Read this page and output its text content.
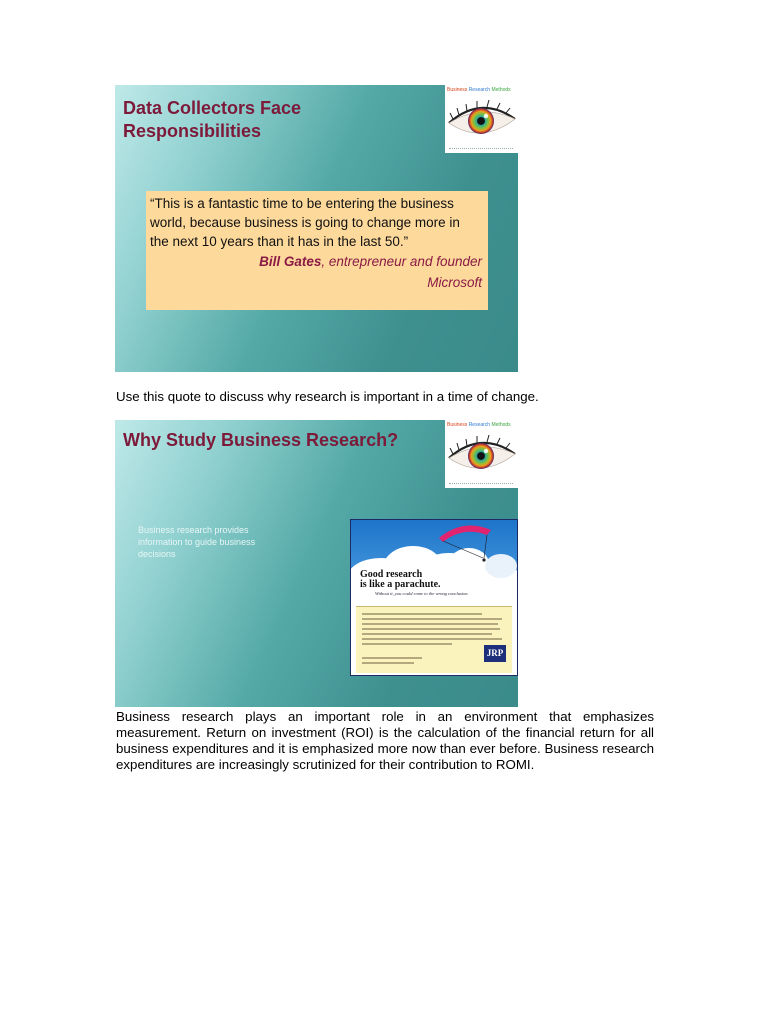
Data Collectors Face
Responsibilities
Business Research Methods

“This is a fantastic time to be entering the business world, because business is going to change more in the next 10 years than it has in the last 50.”

Bill Gates, entrepreneur and founder

Microsoft

Use this quote to discuss why research is important in a time of change.

Why Study Business Research?
Business Research Methods

Business research provides information to guide business decisions

Good research
is like a parachute.

Without it, you could come to the wrong conclusion.

JRP

Business research plays an important role in an environment that emphasizes measurement. Return on investment (ROI) is the calculation of the financial return for all business expenditures and it is emphasized more now than ever before. Business research expenditures are increasingly scrutinized for their contribution to ROMI.
